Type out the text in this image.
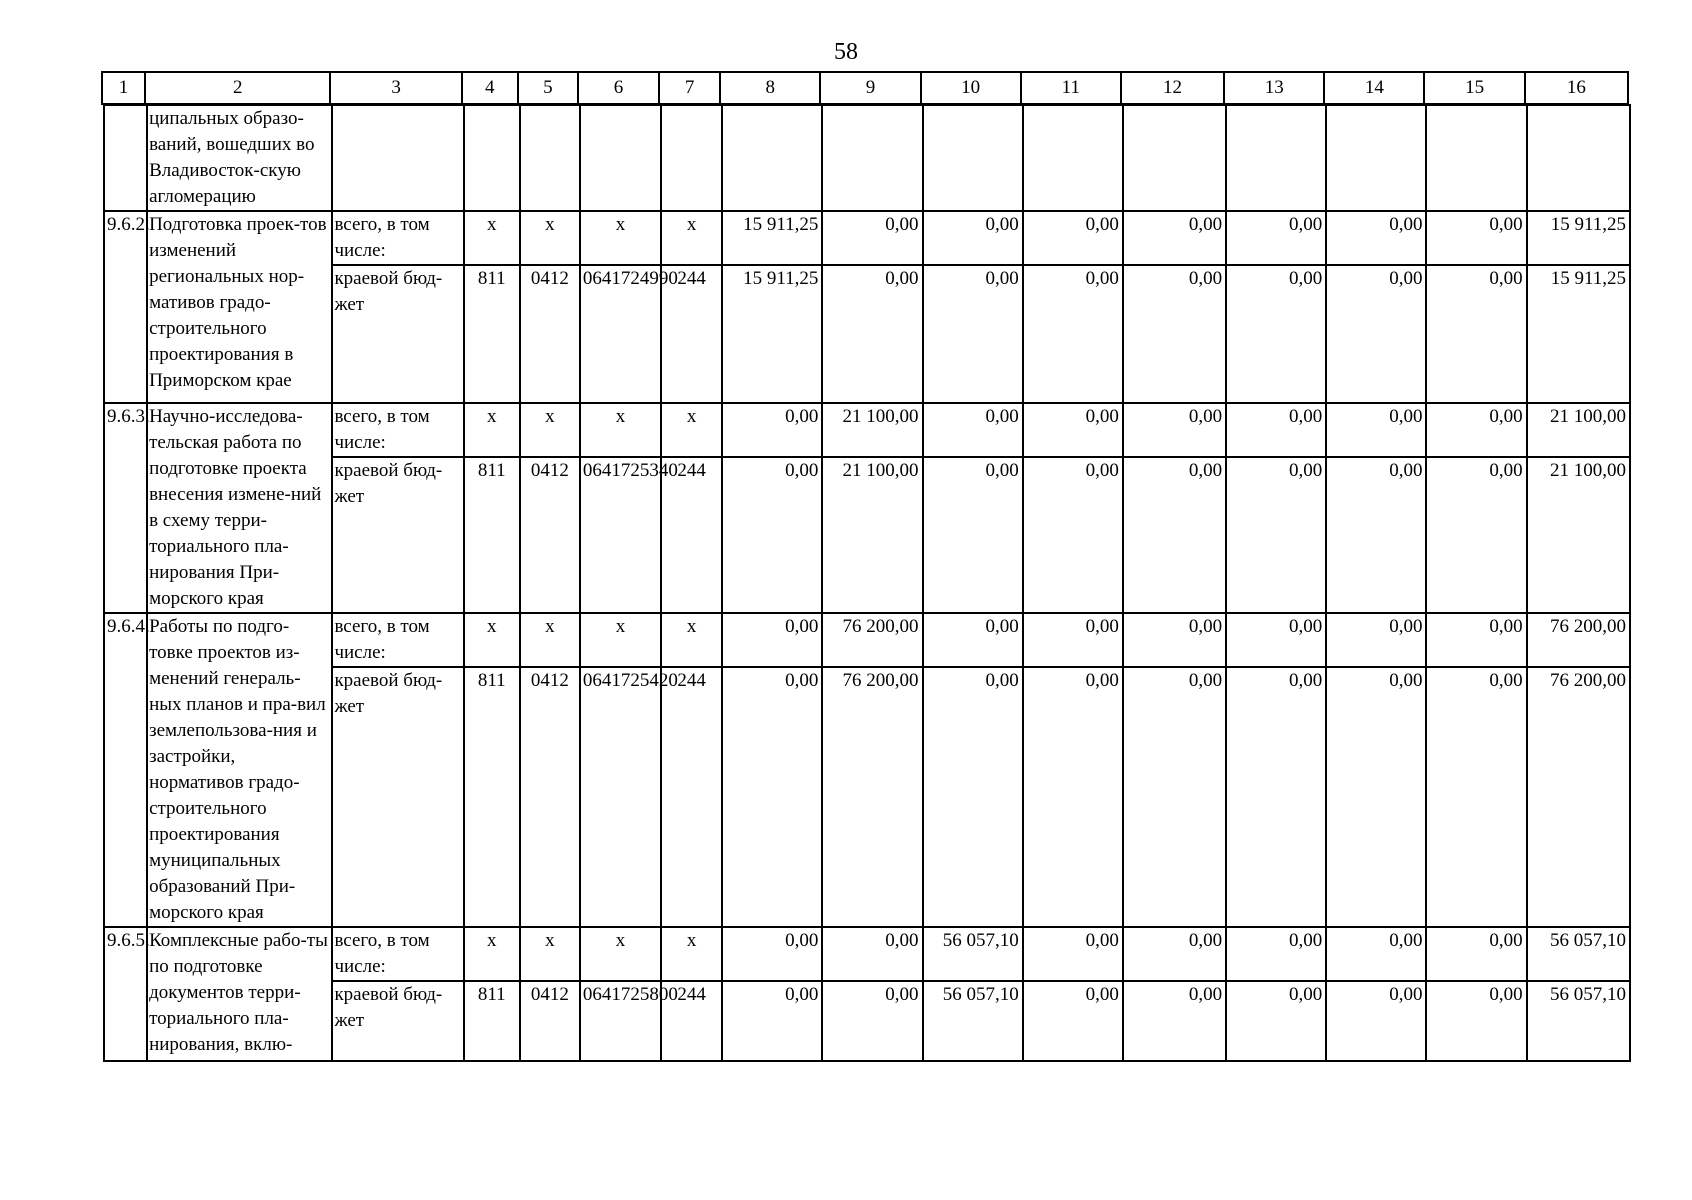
58
1	2	3	4	5	6	7	8	9	10	11	12	13	14	15	16
	ципальных образо-ваний, вошедших во Владивосток-скую агломерацию														
9.6.2.	Подготовка проек-тов изменений региональных нор-мативов градо-строительного проектирования в Приморском крае	всего, в том числе:	х	х	х	х	15 911,25	0,00	0,00	0,00	0,00	0,00	0,00	0,00	15 911,25
		краевой бюд-жет	811	0412	0641724990	244	15 911,25	0,00	0,00	0,00	0,00	0,00	0,00	0,00	15 911,25
9.6.3.	Научно-исследова-тельская работа по подготовке проекта внесения измене-ний в схему терри-ториального пла-нирования При-морского края	всего, в том числе:	х	х	х	х	0,00	21 100,00	0,00	0,00	0,00	0,00	0,00	0,00	21 100,00
		краевой бюд-жет	811	0412	0641725340	244	0,00	21 100,00	0,00	0,00	0,00	0,00	0,00	0,00	21 100,00
9.6.4.	Работы по подго-товке проектов из-менений генераль-ных планов и пра-вил землепользова-ния и застройки, нормативов градо-строительного проектирования муниципальных образований При-морского края	всего, в том числе:	х	х	х	х	0,00	76 200,00	0,00	0,00	0,00	0,00	0,00	0,00	76 200,00
		краевой бюд-жет	811	0412	0641725420	244	0,00	76 200,00	0,00	0,00	0,00	0,00	0,00	0,00	76 200,00
9.6.5.	Комплексные рабо-ты по подготовке документов терри-ториального пла-нирования, вклю-	всего, в том числе:	х	х	х	х	0,00	0,00	56 057,10	0,00	0,00	0,00	0,00	0,00	56 057,10
		краевой бюд-жет	811	0412	0641725800	244	0,00	0,00	56 057,10	0,00	0,00	0,00	0,00	0,00	56 057,10
